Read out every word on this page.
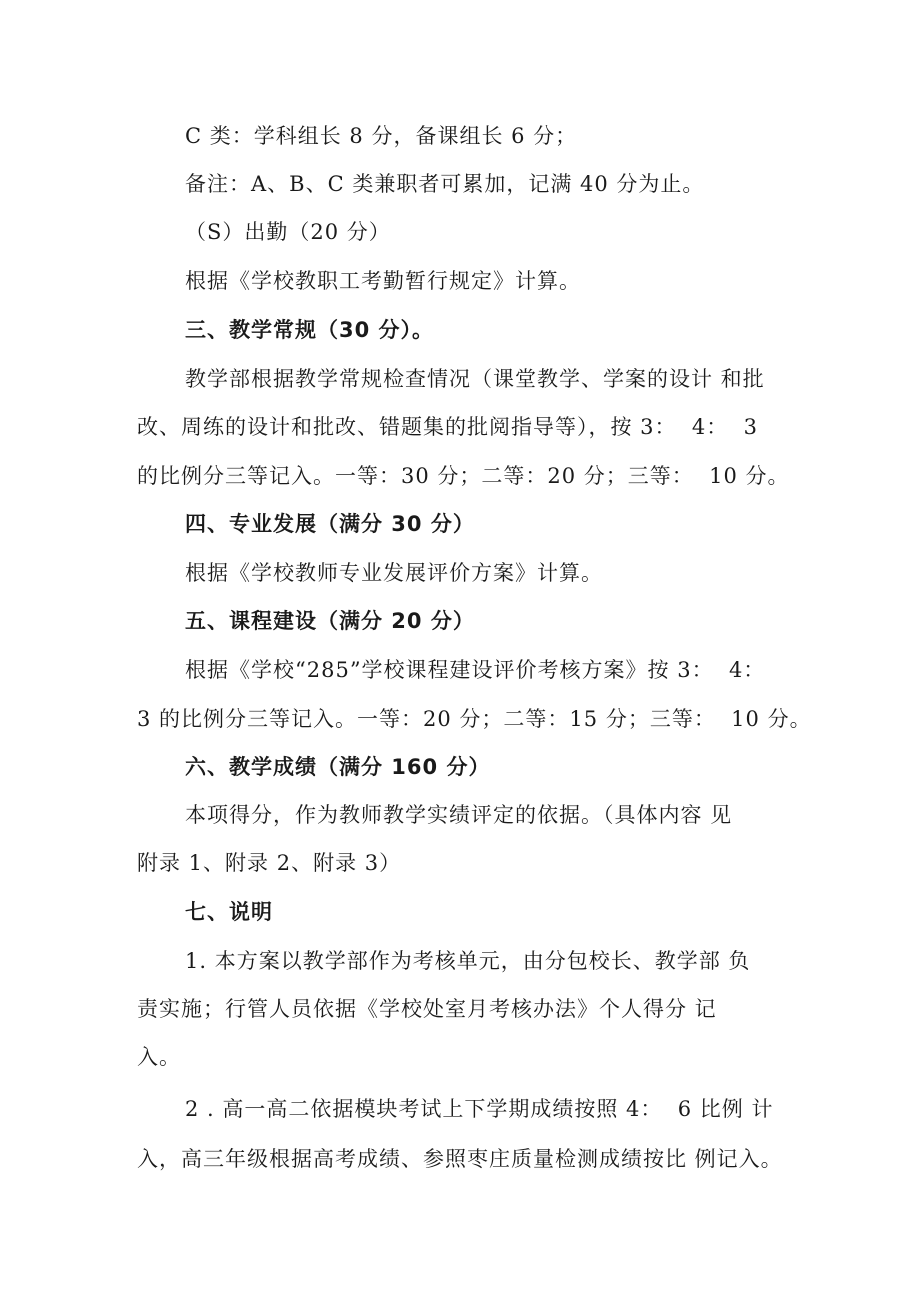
C 类：学科组长 8 分，备课组长 6 分；
备注：A、B、C 类兼职者可累加，记满 40 分为止。
（S）出勤（20 分）
根据《学校教职工考勤暂行规定》计算。
三、教学常规（30 分）。
教学部根据教学常规检查情况（课堂教学、学案的设计 和批
改、周练的设计和批改、错题集的批阅指导等），按 3：  4：  3
的比例分三等记入。一等：30 分；二等：20 分；三等：  10 分。
四、专业发展（满分 30 分）
根据《学校教师专业发展评价方案》计算。
五、课程建设（满分 20 分）
根据《学校“285”学校课程建设评价考核方案》按 3：  4：
3 的比例分三等记入。一等：20 分；二等：15 分；三等：  10 分。
六、教学成绩（满分 160 分）
本项得分，作为教师教学实绩评定的依据。（具体内容 见
附录 1、附录 2、附录 3）
七、说明
1. 本方案以教学部作为考核单元，由分包校长、教学部 负
责实施；行管人员依据《学校处室月考核办法》个人得分 记
入。
2 . 高一高二依据模块考试上下学期成绩按照 4：  6 比例 计
入，高三年级根据高考成绩、参照枣庄质量检测成绩按比 例记入。
